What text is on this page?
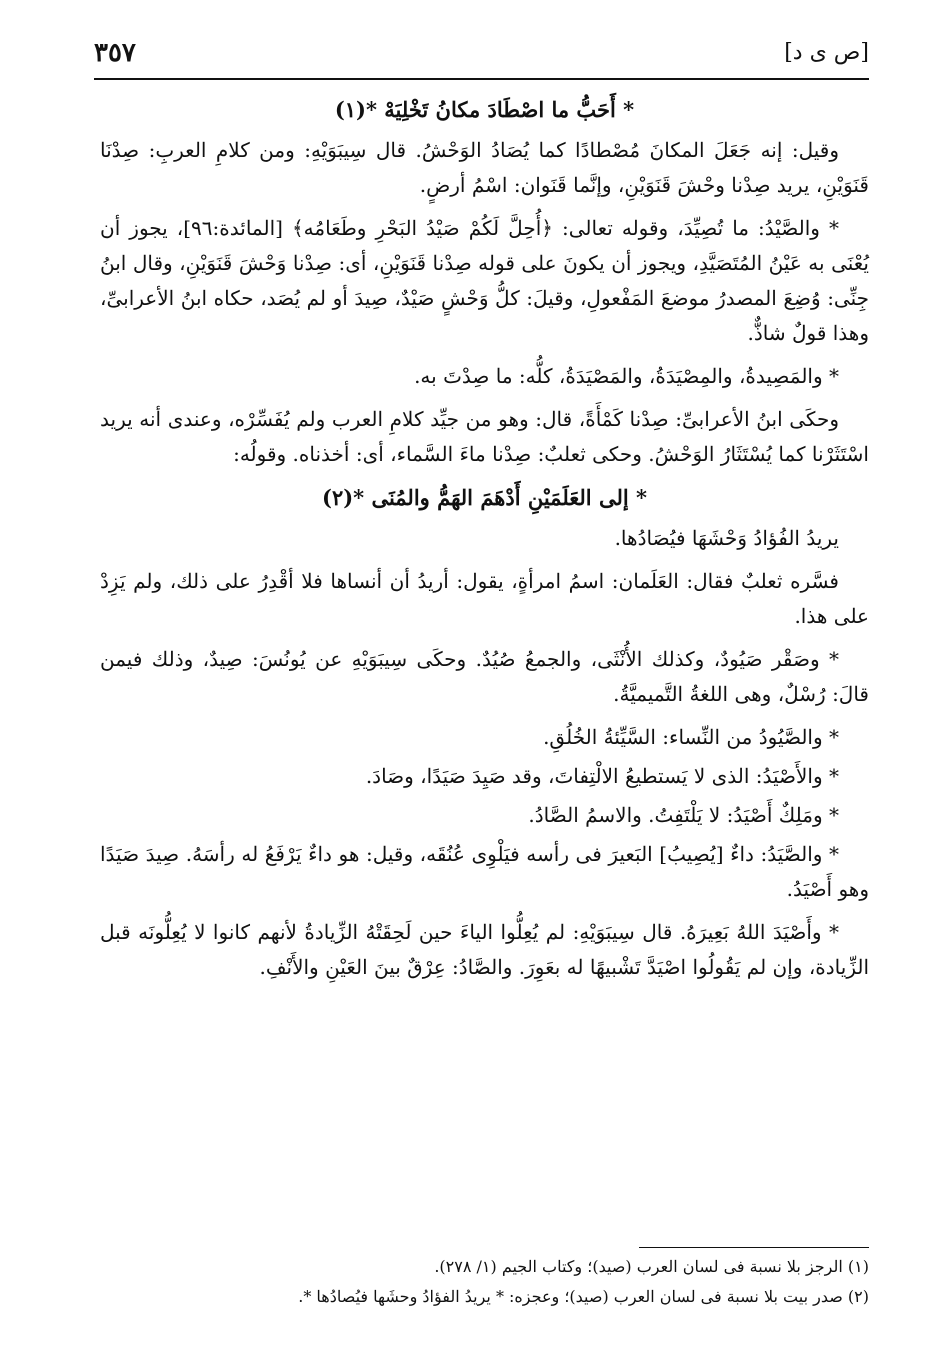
٣٥٧	[ص ى د]

* أَحَبُّ ما اصْطَادَ مكانُ تَخْلِيَهْ *(١)

وقيل: إنه جَعَلَ المكانَ مُصْطادًا كما يُصَادُ الوَحْشُ. قال سِيبَوَيْهِ: ومن كلامِ العربِ: صِدْنَا قَنَوَيْنِ، يريد صِدْنا وحْشَ قَنَوَيْنِ، وإنَّما قَنَوان: اسْمُ أرضٍ.

* والصَّيْدُ: ما تُصِيِّدَ، وقوله تعالى: ﴿أُحِلَّ لَكُمْ صَيْدُ البَحْرِ وطَعَامُه﴾ [المائدة:٩٦]، يجوز أن يُعْنَى به عَيْنُ المُتَصَيَّدِ، ويجوز أن يكونَ على قوله صِدْنا قَنَوَيْنِ، أى: صِدْنا وَحْشَ قَنَوَيْنِ، وقال ابنُ جِنِّى: وُضِعَ المصدرُ موضعَ المَفْعولِ، وقيلَ: كلُّ وَحْشٍ صَيْدٌ، صِيدَ أو لم يُصَد، حكاه ابنُ الأعرابىِّ، وهذا قولٌ شاذٌّ.

* والمَصِيدةُ، والمِصْيَدَةُ، والمَصْيَدَةُ، كلُّه: ما صِدْتَ به.

وحكَى ابنُ الأعرابىِّ: صِدْنا كَمْأَةً، قال: وهو من جيِّد كلامِ العرب ولم يُفَسِّرْه، وعندى أنه يريد اسْتَثَرْنا كما يُسْتَثَارُ الوَحْشُ. وحكى ثعلبٌ: صِدْنا ماءَ السَّماء، أى: أخذناه. وقولُه:

* إلى العَلَمَيْنِ أَدْهَمَ الهَمُّ والمُنَى *(٢)

يريدُ الفُؤادُ وَحْشَهَا فيُصَادُها.

فسَّره ثعلبٌ فقال: العَلَمان: اسمُ امرأةٍ، يقول: أريدُ أن أنساها فلا أقْدِرُ على ذلك، ولم يَزِدْ على هذا.

* وصَقْر صَيُودٌ، وكذلك الأُنْثَى، والجمعُ صُيُدٌ. وحكَى سِيبَوَيْهِ عن يُونُسَ: صِيدٌ، وذلك فيمن قالَ: رُسْلٌ، وهى اللغةُ التَّميميَّةُ.

* والصَّيُودُ من النِّساء: السَّيِّئةُ الخُلُقِ.

* والأَصْيَدُ: الذى لا يَستطيعُ الالْتِفاتَ، وقد صَيِدَ صَيَدًا، وصَادَ.

* ومَلِكٌ أَصْيَدُ: لا يَلْتَفِتُ. والاسمُ الصَّادُ.

* والصَّيَدُ: داءٌ [يُصِيبُ] البَعيرَ فى رأسه فيَلْوِى عُنُقَه، وقيل: هو داءٌ يَرْفَعُ له رأسَهُ. صِيدَ صَيَدًا وهو أَصْيَدُ.

* وأَصْيَدَ اللهُ بَعِيرَهُ. قال سِيبَوَيْهِ: لم يُعِلُّوا الياءَ حين لَحِقَتْهُ الزِّيادةُ لأنهم كانوا لا يُعِلُّونَه قبل الزِّيادة، وإن لم يَقُولُوا اصْيَدَّ تَشْبيهًا له بعَوِرَ. والصَّادُ: عِرْقٌ بينَ العَيْنِ والأَنْفِ.

(١) الرجز بلا نسبة فى لسان العرب (صيد)؛ وكتاب الجيم (١/ ٢٧٨).

(٢) صدر بيت بلا نسبة فى لسان العرب (صيد)؛ وعجزه: * يريدُ الفؤادُ وحشَها فيُصادُها *.
